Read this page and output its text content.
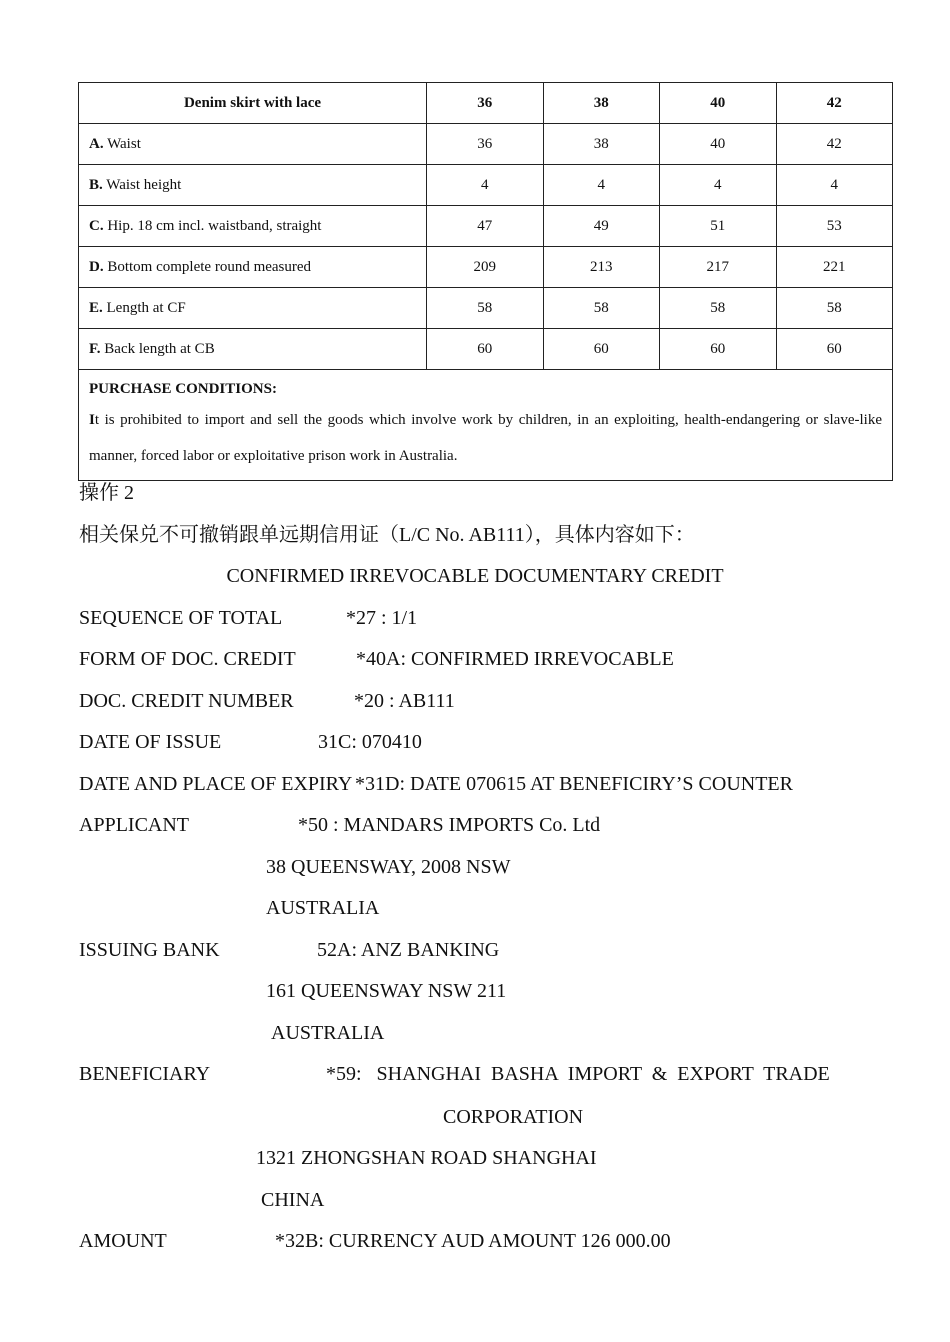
Denim skirt with lace	36	38	40	42
A. Waist	36	38	40	42
B. Waist height	4	4	4	4
C. Hip. 18 cm incl. waistband, straight	47	49	51	53
D. Bottom complete round measured	209	213	217	221
E. Length at CF	58	58	58	58
F. Back length at CB	60	60	60	60

PURCHASE CONDITIONS:
It is prohibited to import and sell the goods which involve work by children, in an exploiting, health-endangering or slave-like manner, forced labor or exploitative prison work in Australia.				
操作 2
相关保兑不可撤销跟单远期信用证（L/C No. AB111），具体内容如下：
CONFIRMED IRREVOCABLE DOCUMENTARY CREDIT
SEQUENCE OF TOTAL	*27 : 1/1
FORM OF DOC. CREDIT	*40A: CONFIRMED IRREVOCABLE
DOC. CREDIT NUMBER	*20 : AB111
DATE OF ISSUE	31C: 070410
DATE AND PLACE OF EXPIRY *31D: DATE 070615 AT BENEFICIRY’S COUNTER
APPLICANT	*50 : MANDARS IMPORTS Co. Ltd
38 QUEENSWAY, 2008 NSW
AUSTRALIA
ISSUING BANK	52A: ANZ BANKING
161 QUEENSWAY NSW 211
AUSTRALIA
BENEFICIARY	*59:   SHANGHAI  BASHA  IMPORT  &  EXPORT  TRADE
CORPORATION
1321 ZHONGSHAN ROAD SHANGHAI
CHINA
AMOUNT	*32B: CURRENCY AUD AMOUNT 126 000.00
